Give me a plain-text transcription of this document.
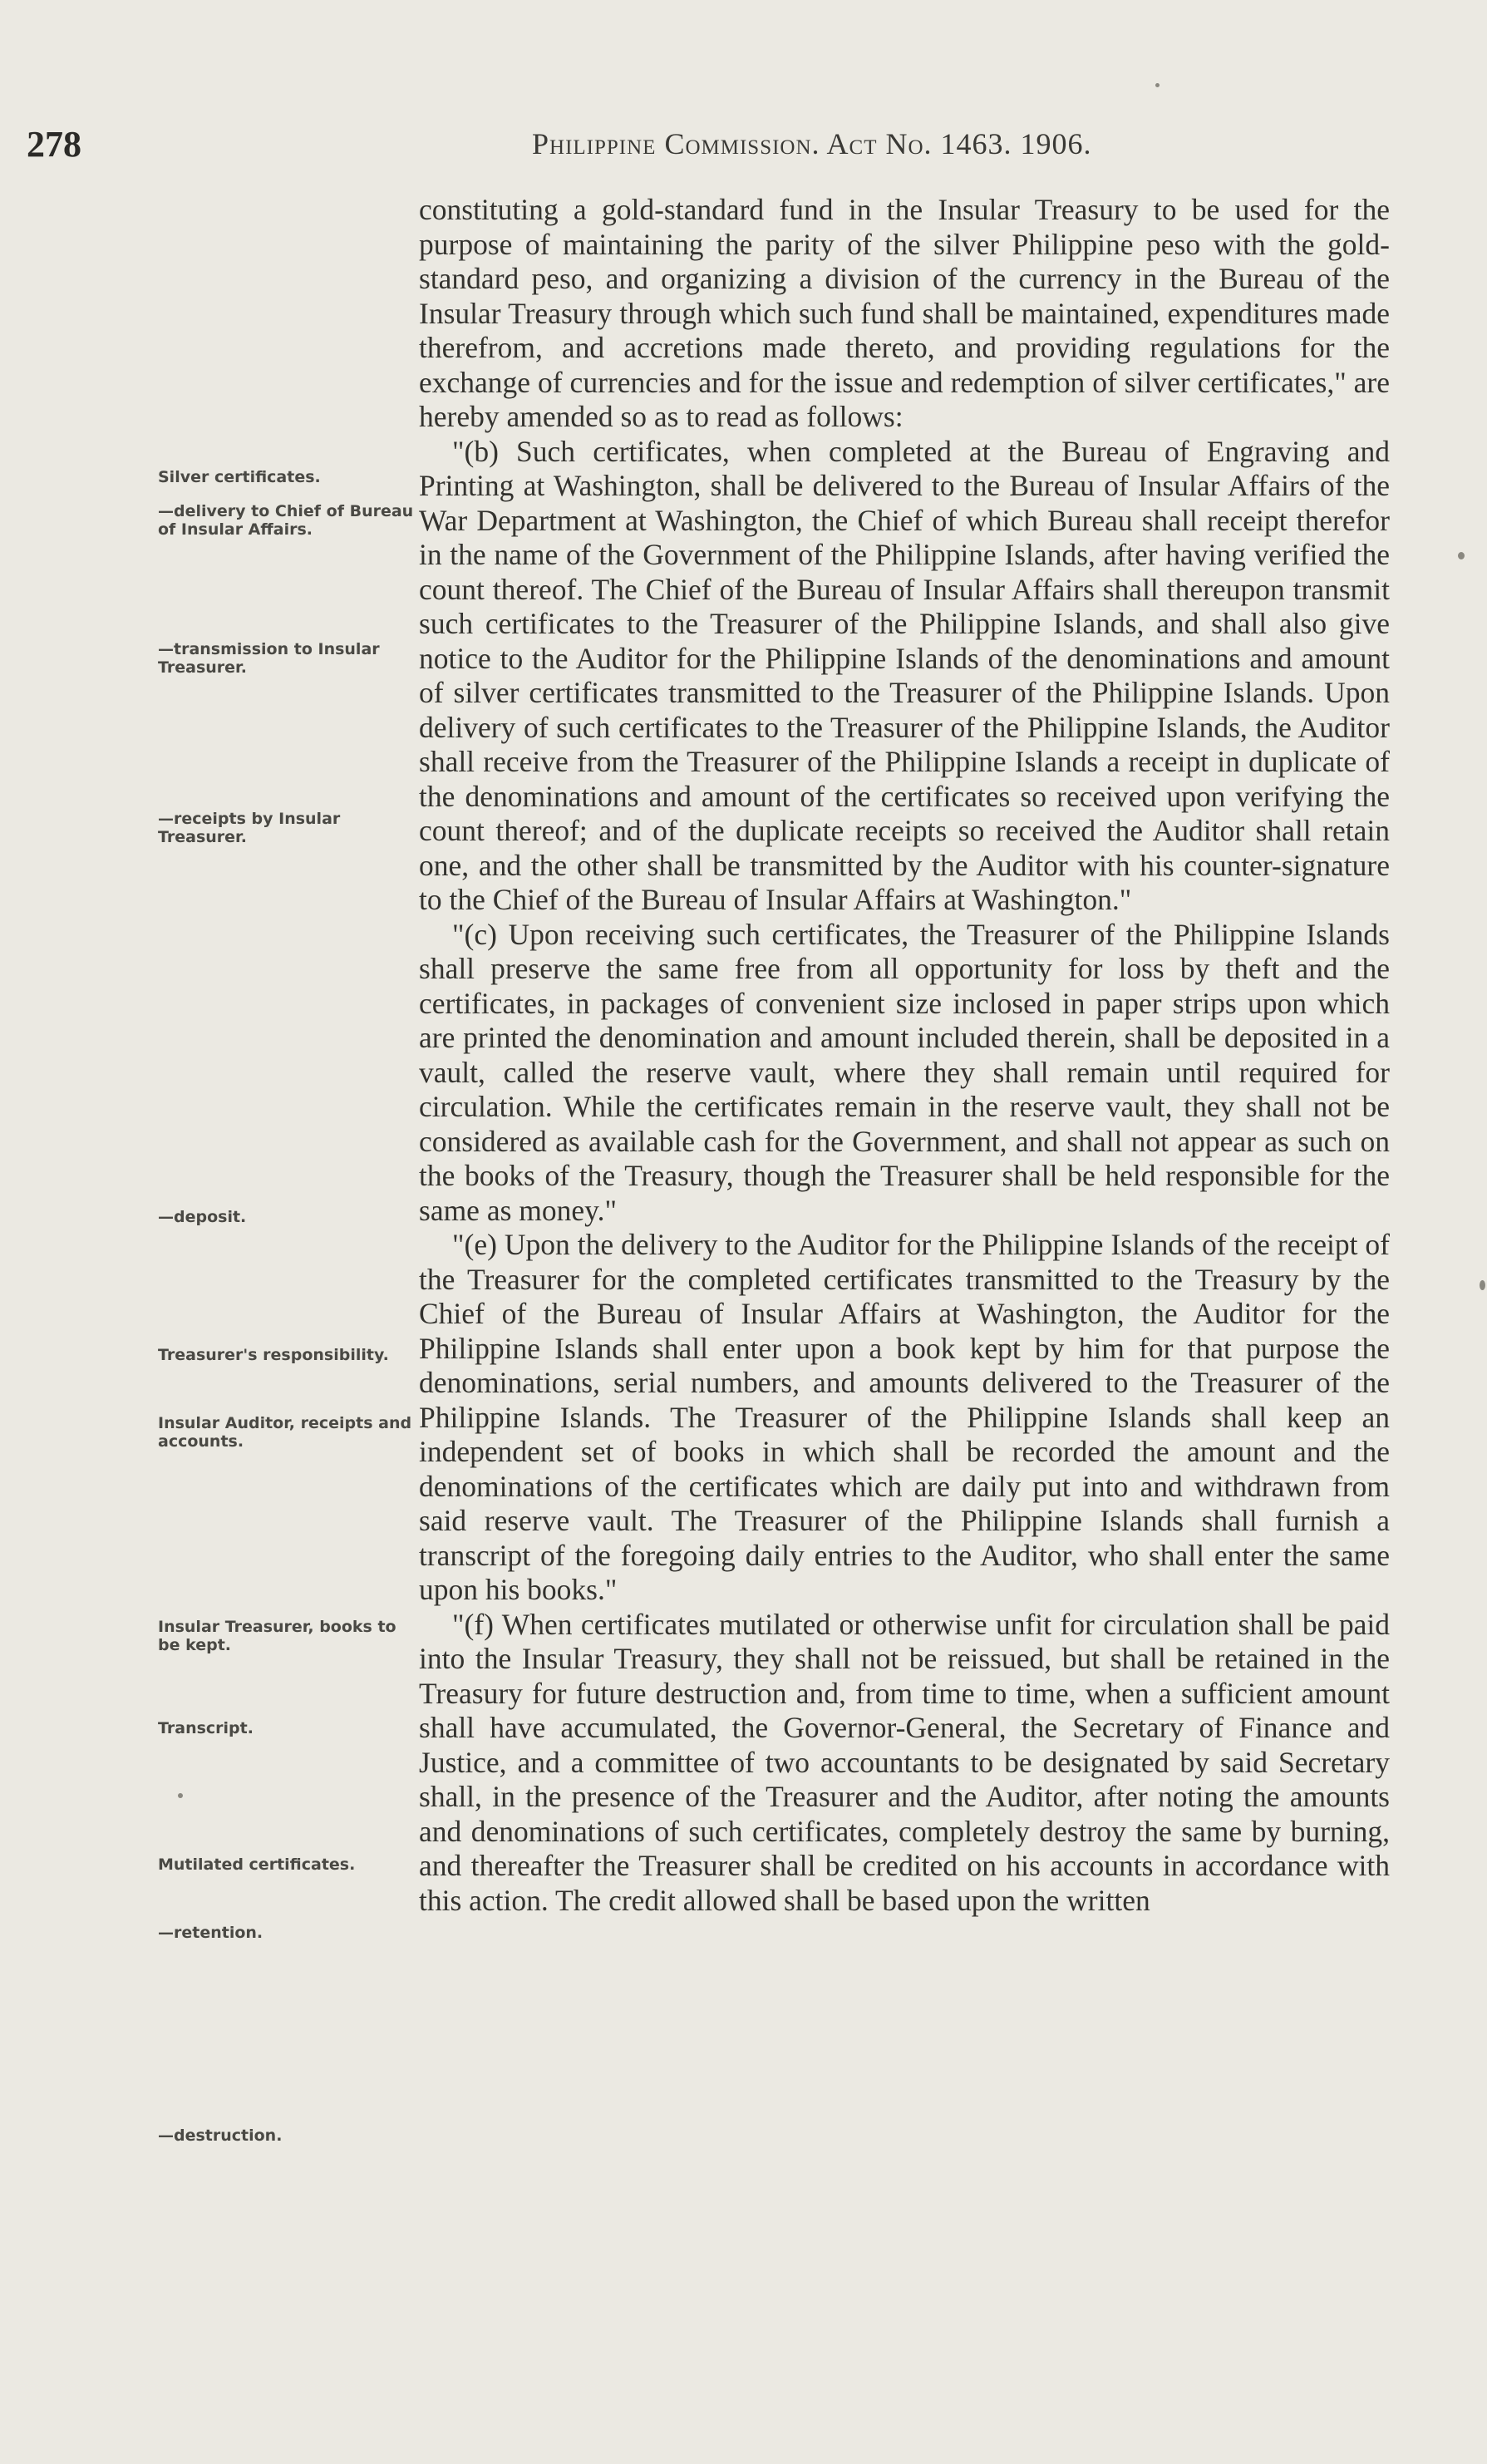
278	Philippine Commission. Act No. 1463. 1906.
Silver certificates.
—delivery to Chief of Bureau of Insular Affairs.
—transmission to Insular Treasurer.
—receipts by Insular Treasurer.
—deposit.
Treasurer's responsibility.
Insular Auditor, receipts and accounts.
Insular Treasurer, books to be kept.
Transcript.
Mutilated certificates.
—retention.
—destruction.

constituting a gold-standard fund in the Insular Treasury to be used for the purpose of maintaining the parity of the silver Philippine peso with the gold-standard peso, and organizing a division of the currency in the Bureau of the Insular Treasury through which such fund shall be maintained, expenditures made therefrom, and accretions made thereto, and providing regulations for the exchange of currencies and for the issue and redemption of silver certificates," are hereby amended so as to read as follows:

"(b) Such certificates, when completed at the Bureau of Engraving and Printing at Washington, shall be delivered to the Bureau of Insular Affairs of the War Department at Washington, the Chief of which Bureau shall receipt therefor in the name of the Government of the Philippine Islands, after having verified the count thereof. The Chief of the Bureau of Insular Affairs shall thereupon transmit such certificates to the Treasurer of the Philippine Islands, and shall also give notice to the Auditor for the Philippine Islands of the denominations and amount of silver certificates transmitted to the Treasurer of the Philippine Islands. Upon delivery of such certificates to the Treasurer of the Philippine Islands, the Auditor shall receive from the Treasurer of the Philippine Islands a receipt in duplicate of the denominations and amount of the certificates so received upon verifying the count thereof; and of the duplicate receipts so received the Auditor shall retain one, and the other shall be transmitted by the Auditor with his counter-signature to the Chief of the Bureau of Insular Affairs at Washington."

"(c) Upon receiving such certificates, the Treasurer of the Philippine Islands shall preserve the same free from all opportunity for loss by theft and the certificates, in packages of convenient size inclosed in paper strips upon which are printed the denomination and amount included therein, shall be deposited in a vault, called the reserve vault, where they shall remain until required for circulation. While the certificates remain in the reserve vault, they shall not be considered as available cash for the Government, and shall not appear as such on the books of the Treasury, though the Treasurer shall be held responsible for the same as money."

"(e) Upon the delivery to the Auditor for the Philippine Islands of the receipt of the Treasurer for the completed certificates transmitted to the Treasury by the Chief of the Bureau of Insular Affairs at Washington, the Auditor for the Philippine Islands shall enter upon a book kept by him for that purpose the denominations, serial numbers, and amounts delivered to the Treasurer of the Philippine Islands. The Treasurer of the Philippine Islands shall keep an independent set of books in which shall be recorded the amount and the denominations of the certificates which are daily put into and withdrawn from said reserve vault. The Treasurer of the Philippine Islands shall furnish a transcript of the foregoing daily entries to the Auditor, who shall enter the same upon his books."

"(f) When certificates mutilated or otherwise unfit for circulation shall be paid into the Insular Treasury, they shall not be reissued, but shall be retained in the Treasury for future destruction and, from time to time, when a sufficient amount shall have accumulated, the Governor-General, the Secretary of Finance and Justice, and a committee of two accountants to be designated by said Secretary shall, in the presence of the Treasurer and the Auditor, after noting the amounts and denominations of such certificates, completely destroy the same by burning, and thereafter the Treasurer shall be credited on his accounts in accordance with this action. The credit allowed shall be based upon the written
